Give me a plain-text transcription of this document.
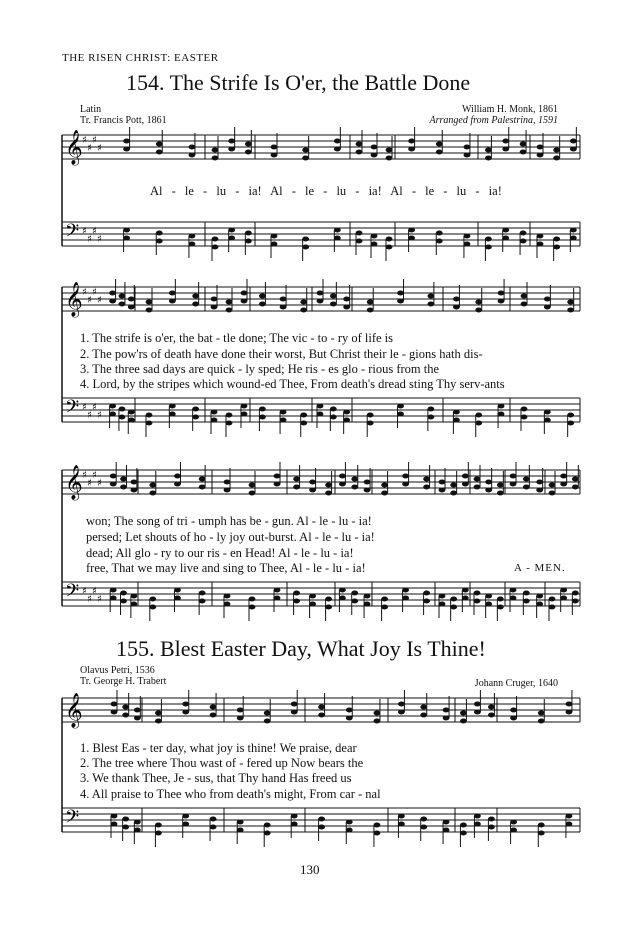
THE RISEN CHRIST: EASTER
154. The Strife Is O'er, the Battle Done
Latin
Tr. Francis Pott, 1861
William H. Monk, 1861
Arranged from Palestrina, 1591
Al - le - lu - ia! Al - le - lu - ia! Al - le - lu - ia!
1. The strife is o'er, the bat - tle done; The vic - to - ry of life is
2. The pow'rs of death have done their worst, But Christ their le - gions hath dis-
3. The three sad days are quick - ly sped; He ris - es glo - rious from the
4. Lord, by the stripes which wound-ed Thee, From death's dread sting Thy serv-ants
won; The song of tri - umph has be - gun. Al - le - lu - ia!
persed; Let shouts of ho - ly joy out-burst. Al - le - lu - ia!
dead; All glo - ry to our ris - en Head! Al - le - lu - ia!
free, That we may live and sing to Thee, Al - le - lu - ia!	A - MEN.
155. Blest Easter Day, What Joy Is Thine!
Olavus Petri, 1536
Tr. George H. Trabert	Johann Cruger, 1640
1. Blest Eas - ter day, what joy is thine! We praise, dear
2. The tree where Thou wast of - fered up Now bears the
3. We thank Thee, Je - sus, that Thy hand Has freed us
4. All praise to Thee who from death's might, From car - nal
130
𝄞
𝄢
♯
♯
♯
♯
♯
♯
♯
♯
𝄞
𝄢
♯
♯
♯
♯
♯
♯
♯
♯
𝄞
𝄢
♯
♯
♯
♯
♯
♯
♯
♯
𝄞
𝄢
